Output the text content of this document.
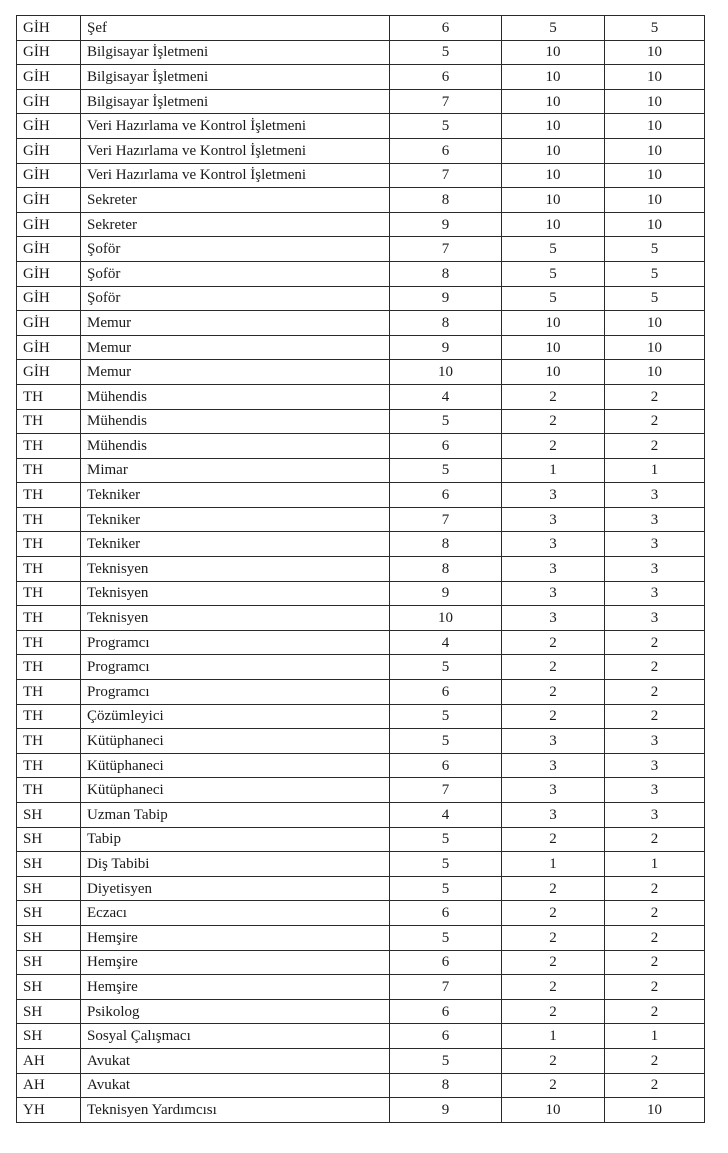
GİH	Şef	6	5	5
GİH	Bilgisayar İşletmeni	5	10	10
GİH	Bilgisayar İşletmeni	6	10	10
GİH	Bilgisayar İşletmeni	7	10	10
GİH	Veri Hazırlama ve Kontrol İşletmeni	5	10	10
GİH	Veri Hazırlama ve Kontrol İşletmeni	6	10	10
GİH	Veri Hazırlama ve Kontrol İşletmeni	7	10	10
GİH	Sekreter	8	10	10
GİH	Sekreter	9	10	10
GİH	Şoför	7	5	5
GİH	Şoför	8	5	5
GİH	Şoför	9	5	5
GİH	Memur	8	10	10
GİH	Memur	9	10	10
GİH	Memur	10	10	10
TH	Mühendis	4	2	2
TH	Mühendis	5	2	2
TH	Mühendis	6	2	2
TH	Mimar	5	1	1
TH	Tekniker	6	3	3
TH	Tekniker	7	3	3
TH	Tekniker	8	3	3
TH	Teknisyen	8	3	3
TH	Teknisyen	9	3	3
TH	Teknisyen	10	3	3
TH	Programcı	4	2	2
TH	Programcı	5	2	2
TH	Programcı	6	2	2
TH	Çözümleyici	5	2	2
TH	Kütüphaneci	5	3	3
TH	Kütüphaneci	6	3	3
TH	Kütüphaneci	7	3	3
SH	Uzman Tabip	4	3	3
SH	Tabip	5	2	2
SH	Diş Tabibi	5	1	1
SH	Diyetisyen	5	2	2
SH	Eczacı	6	2	2
SH	Hemşire	5	2	2
SH	Hemşire	6	2	2
SH	Hemşire	7	2	2
SH	Psikolog	6	2	2
SH	Sosyal Çalışmacı	6	1	1
AH	Avukat	5	2	2
AH	Avukat	8	2	2
YH	Teknisyen Yardımcısı	9	10	10
